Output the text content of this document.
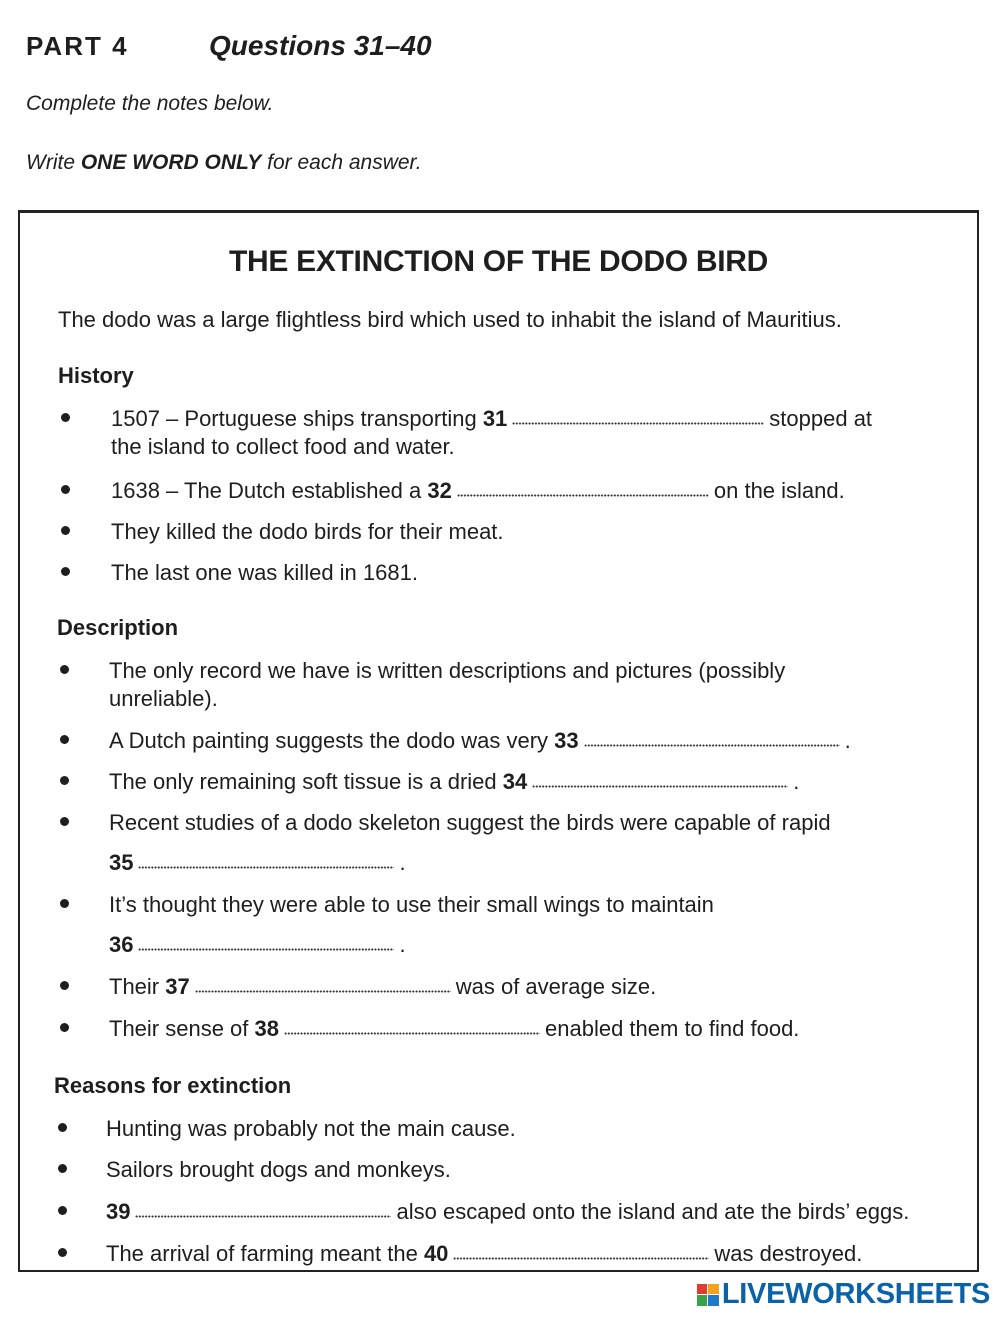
PART 4	Questions 31–40
Complete the notes below.
Write ONE WORD ONLY for each answer.
THE EXTINCTION OF THE DODO BIRD
The dodo was a large flightless bird which used to inhabit the island of Mauritius.
History
1507 – Portuguese ships transporting 31	stopped at
the island to collect food and water.
1638 – The Dutch established a 32	on the island.
They killed the dodo birds for their meat.
The last one was killed in 1681.
Description
The only record we have is written descriptions and pictures (possibly
unreliable).
A Dutch painting suggests the dodo was very 33	.
The only remaining soft tissue is a dried 34	.
Recent studies of a dodo skeleton suggest the birds were capable of rapid
35	.
It’s thought they were able to use their small wings to maintain
36	.
Their 37	was of average size.
Their sense of 38	enabled them to find food.
Reasons for extinction
Hunting was probably not the main cause.
Sailors brought dogs and monkeys.
39	also escaped onto the island and ate the birds’ eggs.
The arrival of farming meant the 40	was destroyed.
LIVEWORKSHEETS
